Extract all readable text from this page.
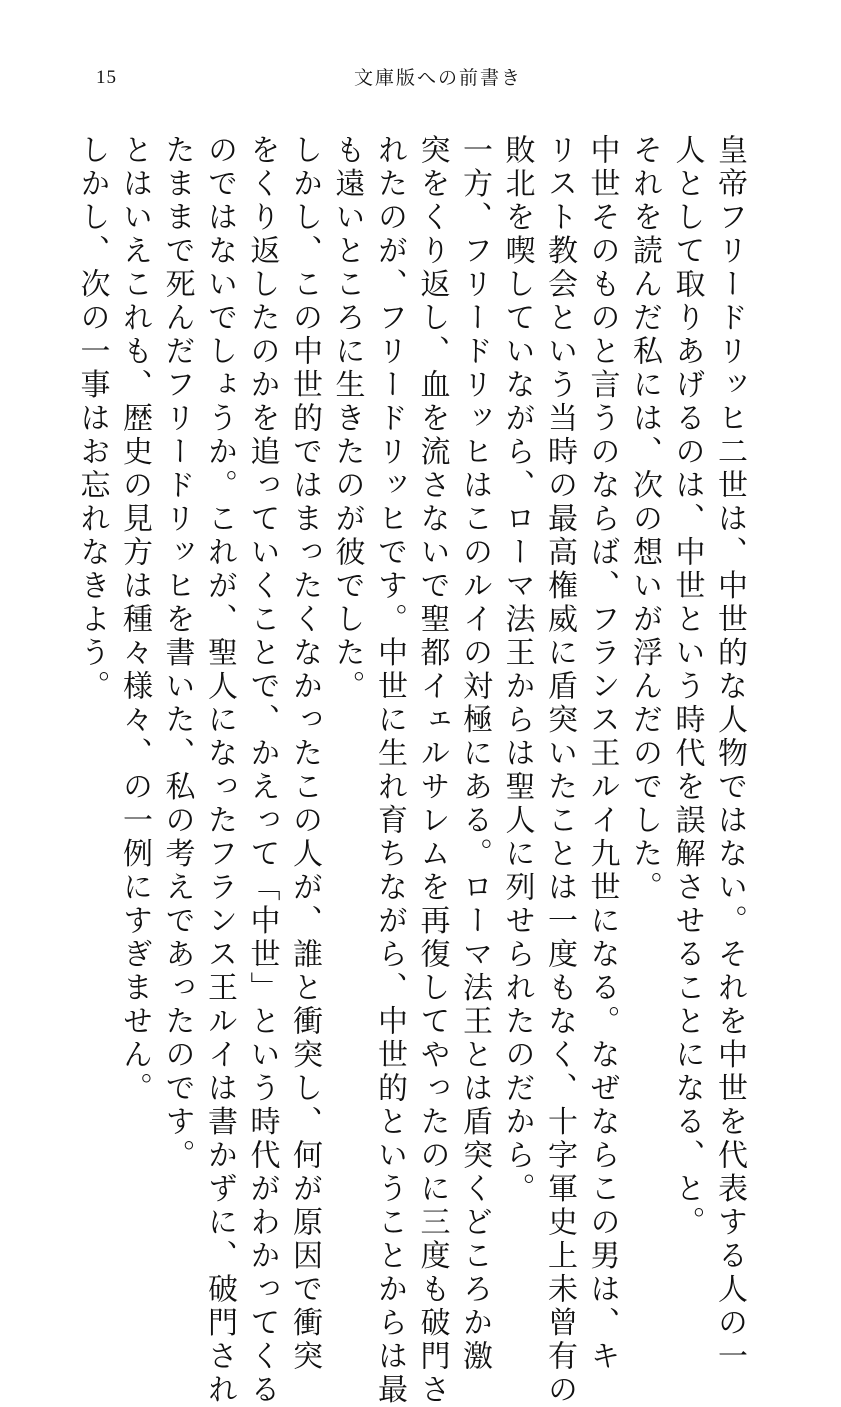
15	文庫版への前書き
皇帝フリードリッヒ二世は、中世的な人物ではない。それを中世を代表する人の一
人として取りあげるのは、中世という時代を誤解させることになる、と。
それを読んだ私には、次の想いが浮んだのでした。
中世そのものと言うのならば、フランス王ルイ九世になる。なぜならこの男は、キ
リスト教会という当時の最高権威に盾突いたことは一度もなく、十字軍史上未曾有の
敗北を喫していながら、ローマ法王からは聖人に列せられたのだから。
一方、フリードリッヒはこのルイの対極にある。ローマ法王とは盾突くどころか激
突をくり返し、血を流さないで聖都イェルサレムを再復してやったのに三度も破門さ
れたのが、フリードリッヒです。中世に生れ育ちながら、中世的ということからは最
も遠いところに生きたのが彼でした。
しかし、この中世的ではまったくなかったこの人が、誰と衝突し、何が原因で衝突
をくり返したのかを追っていくことで、かえって「中世」という時代がわかってくる
のではないでしょうか。これが、聖人になったフランス王ルイは書かずに、破門され
たままで死んだフリードリッヒを書いた、私の考えであったのです。
とはいえこれも、歴史の見方は種々様々、の一例にすぎません。
しかし、次の一事はお忘れなきよう。
